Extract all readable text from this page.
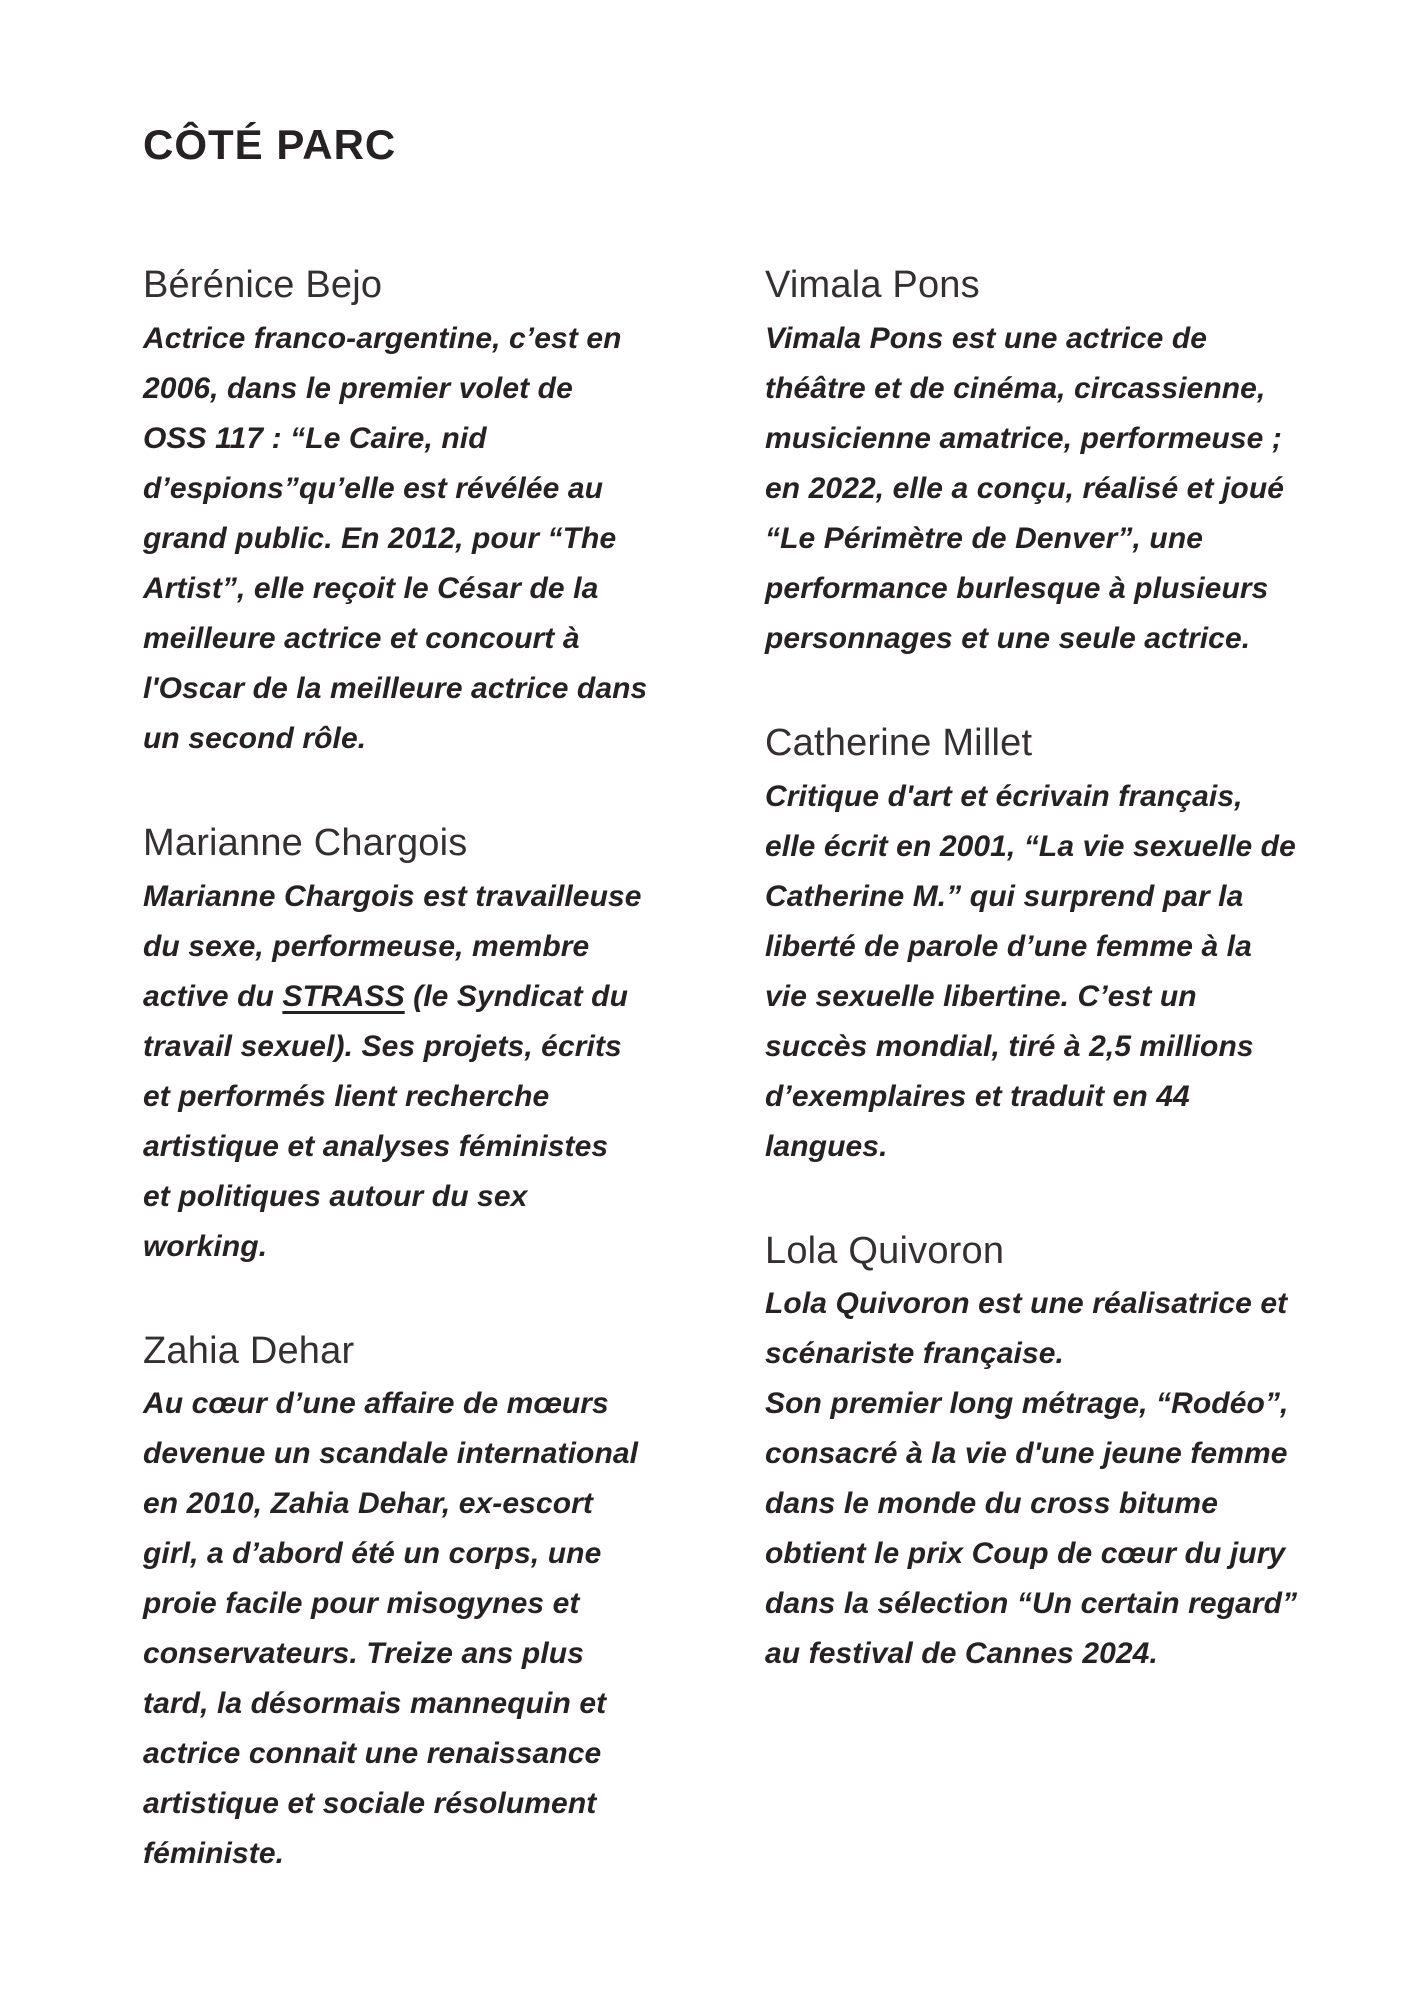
CÔTÉ PARC
Bérénice Bejo

Actrice franco-argentine, c’est en
2006, dans le premier volet de
OSS 117 : “Le Caire, nid
d’espions”qu’elle est révélée au
grand public. En 2012, pour “The
Artist”, elle reçoit le César de la
meilleure actrice et concourt à
l'Oscar de la meilleure actrice dans
un second rôle.

Marianne Chargois

Marianne Chargois est travailleuse
du sexe, performeuse, membre
active du STRASS (le Syndicat du
travail sexuel). Ses projets, écrits
et performés lient recherche
artistique et analyses féministes
et politiques autour du sex
working.

Zahia Dehar

Au cœur d’une affaire de mœurs
devenue un scandale international
en 2010, Zahia Dehar, ex-escort
girl, a d’abord été un corps, une
proie facile pour misogynes et
conservateurs. Treize ans plus
tard, la désormais mannequin et
actrice connait une renaissance
artistique et sociale résolument
féministe.

Vimala Pons

Vimala Pons est une actrice de
théâtre et de cinéma, circassienne,
musicienne amatrice, performeuse ;
en 2022, elle a conçu, réalisé et joué
“Le Périmètre de Denver”, une
performance burlesque à plusieurs
personnages et une seule actrice.

Catherine Millet

Critique d'art et écrivain français,
elle écrit en 2001, “La vie sexuelle de
Catherine M.” qui surprend par la
liberté de parole d’une femme à la
vie sexuelle libertine. C’est un
succès mondial, tiré à 2,5 millions
d’exemplaires et traduit en 44
langues.

Lola Quivoron

Lola Quivoron est une réalisatrice et
scénariste française.
Son premier long métrage, “Rodéo”,
consacré à la vie d'une jeune femme
dans le monde du cross bitume
obtient le prix Coup de cœur du jury
dans la sélection “Un certain regard”
au festival de Cannes 2024.
